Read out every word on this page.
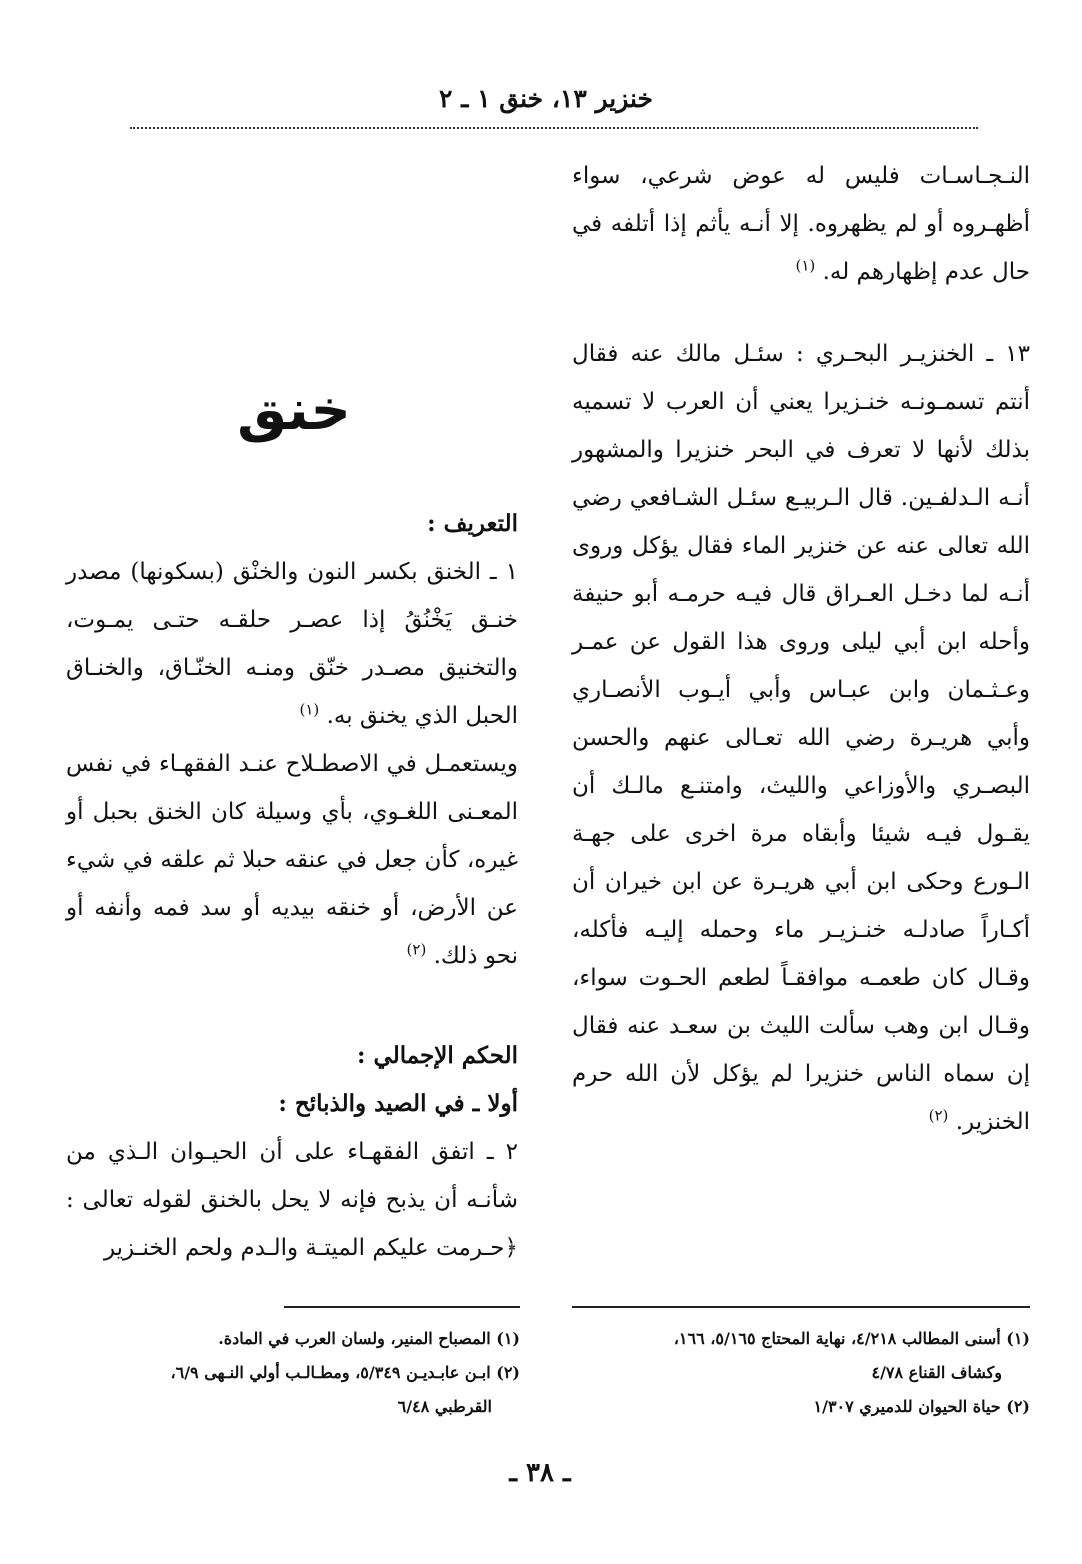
خنزير ١٣، خنق ١ ـ ٢

النـجـاسـات فليس له عوض شرعي، سواء أظهـروه أو لم يظهروه. إلا أنـه يأثم إذا أتلفه في حال عدم إظهارهم له. $^{(١)}$

١٣ ـ الخنزيـر البحـري : سئـل مالك عنه فقال أنتم تسمـونـه خنـزيرا يعني أن العرب لا تسميه بذلك لأنها لا تعرف في البحر خنزيرا والمشهور أنـه الـدلفـين. قال الـربيـع سئـل الشـافعي رضي الله تعالى عنه عن خنزير الماء فقال يؤكل وروى أنـه لما دخـل العـراق قال فيـه حرمـه أبو حنيفة وأحله ابن أبي ليلى وروى هذا القول عن عمـر وعـثـمان وابن عبـاس وأبي أيـوب الأنصـاري وأبي هريـرة رضي الله تعـالى عنهم والحسن البصـري والأوزاعي والليث، وامتنـع مالـك أن يقـول فيـه شيئا وأبقاه مرة اخرى على جهـة الـورع وحكى ابن أبي هريـرة عن ابن خيران أن أكـاراً صادلـه خنـزيـر ماء وحمله إليـه فأكله، وقـال كان طعمـه موافقـاً لطعم الحـوت سواء، وقـال ابن وهب سألت الليث بن سعـد عنه فقال إن سماه الناس خنزيرا لم يؤكل لأن الله حرم الخنزير. $^{(٢)}$

خنق

التعريف :

١ ـ الخنق بكسر النون والخنْق (بسكونها) مصدر خنـق يَخْنُقُ إذا عصـر حلقـه حتـى يمـوت، والتخنيق مصـدر خنّق ومنـه الخنّـاق، والخنـاق الحبل الذي يخنق به. $^{(١)}$

ويستعمـل في الاصطـلاح عنـد الفقهـاء في نفس المعـنى اللغـوي، بأي وسيلة كان الخنق بحبل أو غيره، كأن جعل في عنقه حبلا ثم علقه في شيء عن الأرض، أو خنقه بيديه أو سد فمه وأنفه أو نحو ذلك. $^{(٢)}$

الحكم الإجمالي :

أولا ـ في الصيد والذبائح :

٢ ـ اتفق الفقهـاء على أن الحيـوان الـذي من شأنـه أن يذبح فإنه لا يحل بالخنق لقوله تعالى : ﴿حـرمت عليكم الميتـة والـدم ولحم الخنـزير

(١) أسنى المطالب ٤/٢١٨، نهاية المحتاج ٥/١٦٥، ١٦٦،

وكشاف القناع ٤/٧٨

(٢) حياة الحيوان للدميري ١/٣٠٧

(١) المصباح المنير، ولسان العرب في المادة.

(٢) ابـن عابـديـن ٥/٣٤٩، ومطـالـب أولي النـهى ٦/٩،

القرطبي ٦/٤٨

ـ ٣٨ ـ
